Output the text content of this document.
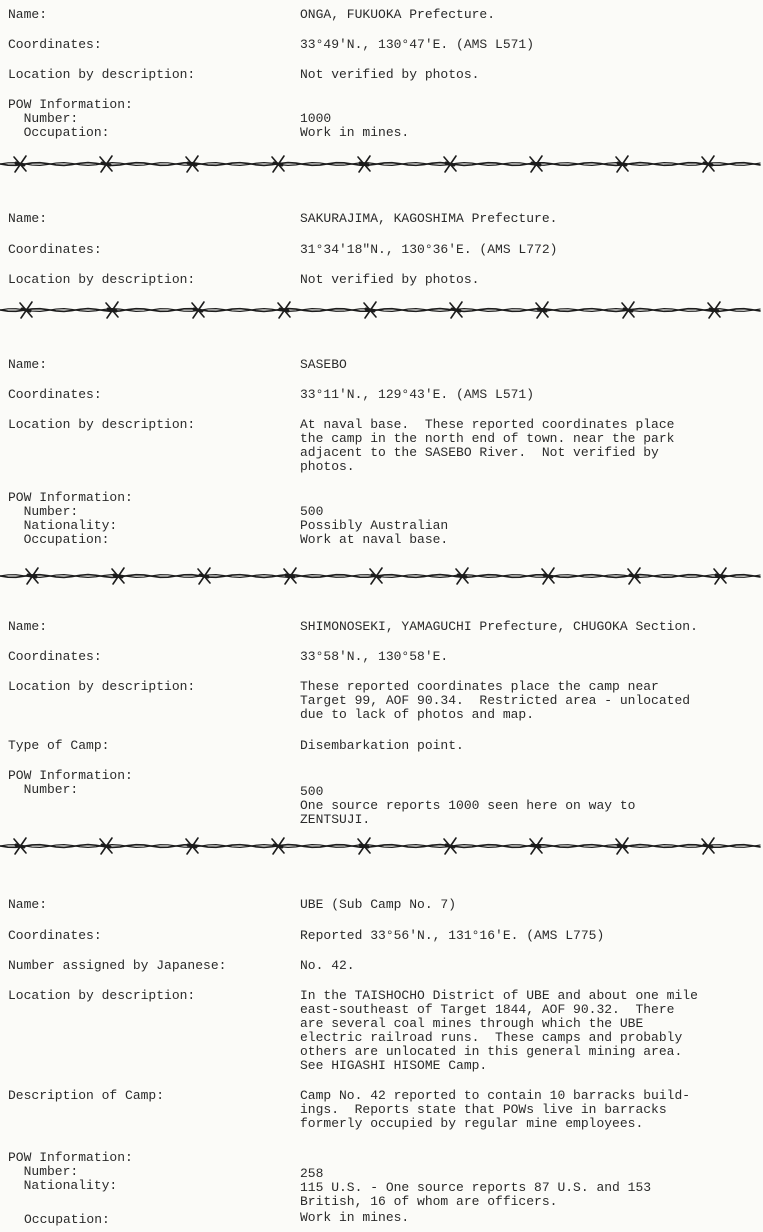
Name:	ONGA, FUKUOKA Prefecture.
Coordinates:	33°49'N., 130°47'E. (AMS L571)
Location by description:	Not verified by photos.
POW Information:
Number:	1000
Occupation:	Work in mines.
Name:	SAKURAJIMA, KAGOSHIMA Prefecture.
Coordinates:	31°34'18"N., 130°36'E. (AMS L772)
Location by description:	Not verified by photos.
Name:	SASEBO
Coordinates:	33°11'N., 129°43'E. (AMS L571)
Location by description:	At naval base.  These reported coordinates place
the camp in the north end of town. near the park
adjacent to the SASEBO River.  Not verified by
photos.
POW Information:
Number:	500
Nationality:	Possibly Australian
Occupation:	Work at naval base.
Name:	SHIMONOSEKI, YAMAGUCHI Prefecture, CHUGOKA Section.
Coordinates:	33°58'N., 130°58'E.
Location by description:	These reported coordinates place the camp near
Target 99, AOF 90.34.  Restricted area - unlocated
due to lack of photos and map.
Type of Camp:	Disembarkation point.
POW Information:
Number:	500
One source reports 1000 seen here on way to
ZENTSUJI.
Name:	UBE (Sub Camp No. 7)
Coordinates:	Reported 33°56'N., 131°16'E. (AMS L775)
Number assigned by Japanese:	No. 42.
Location by description:	In the TAISHOCHO District of UBE and about one mile
east-southeast of Target 1844, AOF 90.32.  There
are several coal mines through which the UBE
electric railroad runs.  These camps and probably
others are unlocated in this general mining area.
See HIGASHI HISOME Camp.
Description of Camp:	Camp No. 42 reported to contain 10 barracks build-
ings.  Reports state that POWs live in barracks
formerly occupied by regular mine employees.
POW Information:
Number:	258
Nationality:	115 U.S. - One source reports 87 U.S. and 153
British, 16 of whom are officers.
Occupation:	Work in mines.
